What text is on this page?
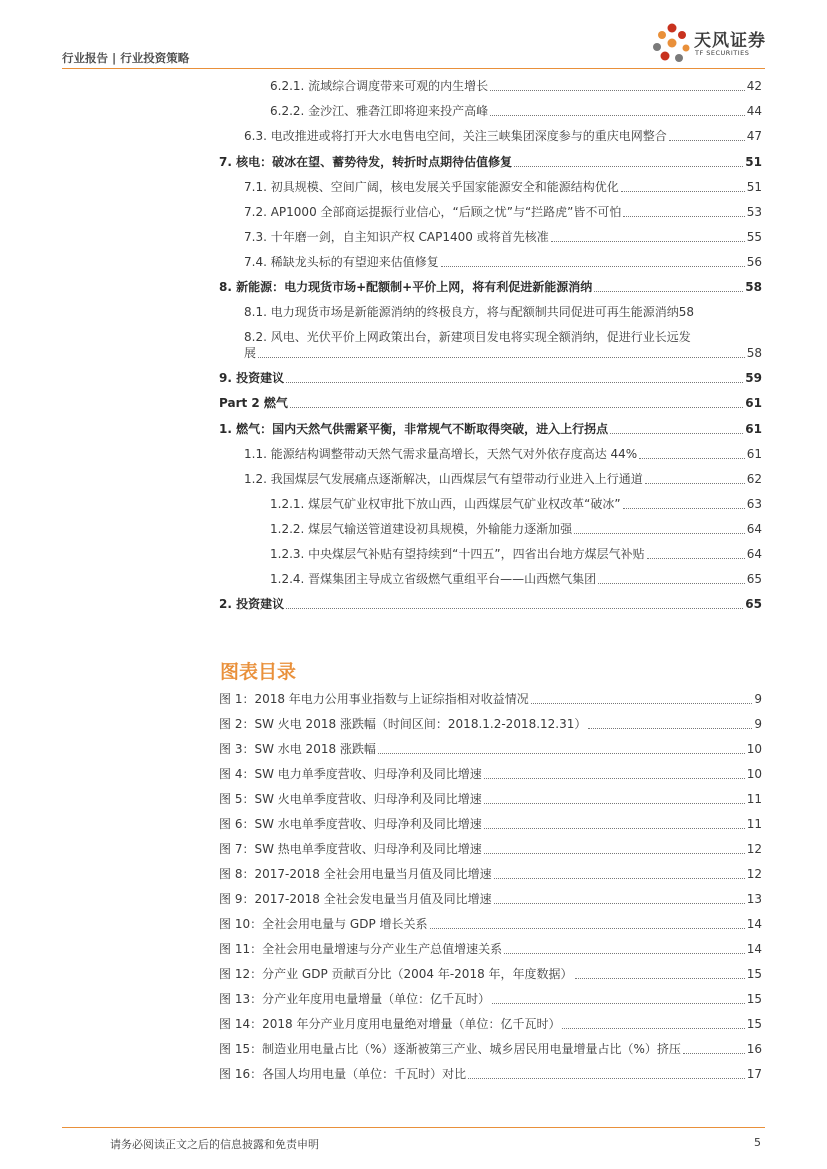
行业报告 | 行业投资策略
天风证券
TF SECURITIES
6.2.1. 流域综合调度带来可观的内生增长	42
6.2.2. 金沙江、雅砻江即将迎来投产高峰	44
6.3. 电改推进或将打开大水电售电空间，关注三峡集团深度参与的重庆电网整合	47
7. 核电：破冰在望、蓄势待发，转折时点期待估值修复	51
7.1. 初具规模、空间广阔，核电发展关乎国家能源安全和能源结构优化	51
7.2. AP1000 全部商运提振行业信心，“后顾之忧”与“拦路虎”皆不可怕	53
7.3. 十年磨一剑，自主知识产权 CAP1400 或将首先核准	55
7.4. 稀缺龙头标的有望迎来估值修复	56
8. 新能源：电力现货市场+配额制+平价上网，将有利促进新能源消纳	58
8.1. 电力现货市场是新能源消纳的终极良方，将与配额制共同促进可再生能源消纳 58
8.2. 风电、光伏平价上网政策出台，新建项目发电将实现全额消纳，促进行业长远发
展	58
9. 投资建议	59
Part 2 燃气	61
1. 燃气：国内天然气供需紧平衡，非常规气不断取得突破，进入上行拐点	61
1.1. 能源结构调整带动天然气需求量高增长，天然气对外依存度高达 44%	61
1.2. 我国煤层气发展痛点逐渐解决，山西煤层气有望带动行业进入上行通道	62
1.2.1. 煤层气矿业权审批下放山西，山西煤层气矿业权改革“破冰”	63
1.2.2. 煤层气输送管道建设初具规模，外输能力逐渐加强	64
1.2.3. 中央煤层气补贴有望持续到“十四五”，四省出台地方煤层气补贴	64
1.2.4. 晋煤集团主导成立省级燃气重组平台——山西燃气集团	65
2. 投资建议	65
图表目录
图 1：2018 年电力公用事业指数与上证综指相对收益情况	9
图 2：SW 火电 2018 涨跌幅（时间区间：2018.1.2-2018.12.31）	9
图 3：SW 水电 2018 涨跌幅	10
图 4：SW 电力单季度营收、归母净利及同比增速	10
图 5：SW 火电单季度营收、归母净利及同比增速	11
图 6：SW 水电单季度营收、归母净利及同比增速	11
图 7：SW 热电单季度营收、归母净利及同比增速	12
图 8：2017-2018 全社会用电量当月值及同比增速	12
图 9：2017-2018 全社会发电量当月值及同比增速	13
图 10：全社会用电量与 GDP 增长关系	14
图 11：全社会用电量增速与分产业生产总值增速关系	14
图 12：分产业 GDP 贡献百分比（2004 年-2018 年，年度数据）	15
图 13：分产业年度用电量增量（单位：亿千瓦时）	15
图 14：2018 年分产业月度用电量绝对增量（单位：亿千瓦时）	15
图 15：制造业用电量占比（%）逐渐被第三产业、城乡居民用电量增量占比（%）挤压	16
图 16：各国人均用电量（单位：千瓦时）对比	17
请务必阅读正文之后的信息披露和免责申明	5
